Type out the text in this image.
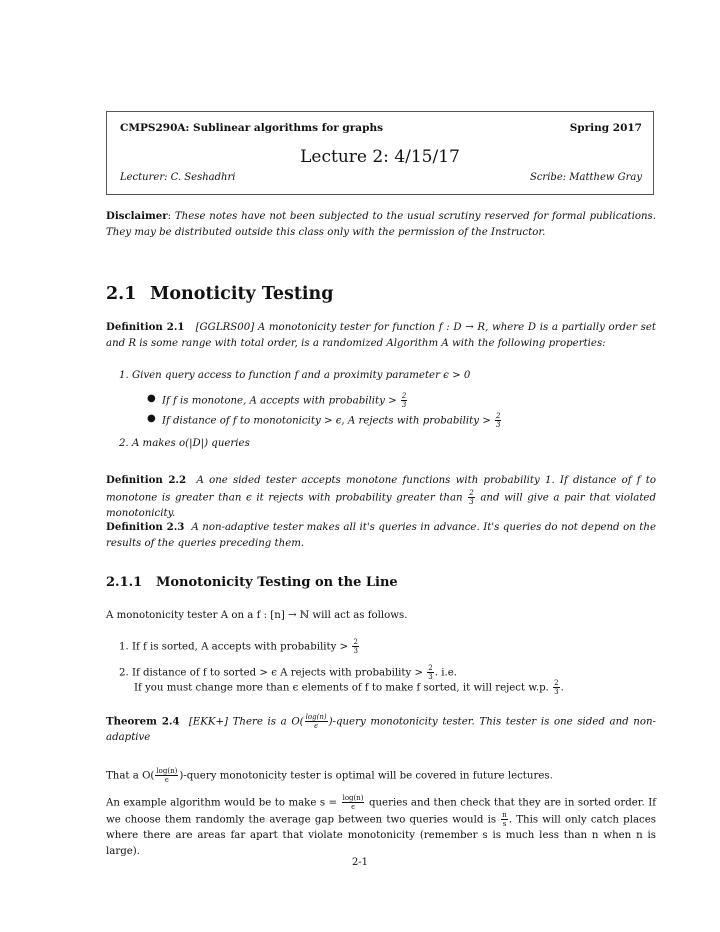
CMPS290A: Sublinear algorithms for graphs	Spring 2017
Lecture 2: 4/15/17
Lecturer: C. Seshadhri	Scribe: Matthew Gray
Disclaimer: These notes have not been subjected to the usual scrutiny reserved for formal publications. They may be distributed outside this class only with the permission of the Instructor.
2.1 Monoticity Testing
Definition 2.1 [GGLRS00] A monotonicity tester for function f : D → R, where D is a partially order set and R is some range with total order, is a randomized Algorithm A with the following properties:
1. Given query access to function f and a proximity parameter ϵ > 0
● If f is monotone, A accepts with probability > $\frac{2}{3}$
● If distance of f to monotonicity > ϵ, A rejects with probability > $\frac{2}{3}$
2. A makes o(|D|) queries
Definition 2.2 A one sided tester accepts monotone functions with probability 1. If distance of f to monotone is greater than ϵ it rejects with probability greater than $\frac{2}{3}$ and will give a pair that violated monotonicity.
Definition 2.3 A non-adaptive tester makes all it's queries in advance. It's queries do not depend on the results of the queries preceding them.
2.1.1 Monotonicity Testing on the Line
A monotonicity tester A on a f : [n] → ℕ will act as follows.
1. If f is sorted, A accepts with probability > $\frac{2}{3}$
2. If distance of f to sorted > ϵ A rejects with probability > $\frac{2}{3}$ . i.e.
If you must change more than ϵ elements of f to make f sorted, it will reject w.p. $\frac{2}{3}$ .
Theorem 2.4 [EKK+] There is a $O( \frac{\log(n)}{\epsilon}$ )-query monotonicity tester. This tester is one sided and non-adaptive
That a $O( \frac{\log(n)}{\epsilon}$ )-query monotonicity tester is optimal will be covered in future lectures.
An example algorithm would be to make $s = \frac{\log(n)}{\epsilon}$ queries and then check that they are in sorted order. If we choose them randomly the average gap between two queries would is $\frac{n}{s}$ . This will only catch places where there are areas far apart that violate monotonicity (remember s is much less than n when n is large).
2-1
